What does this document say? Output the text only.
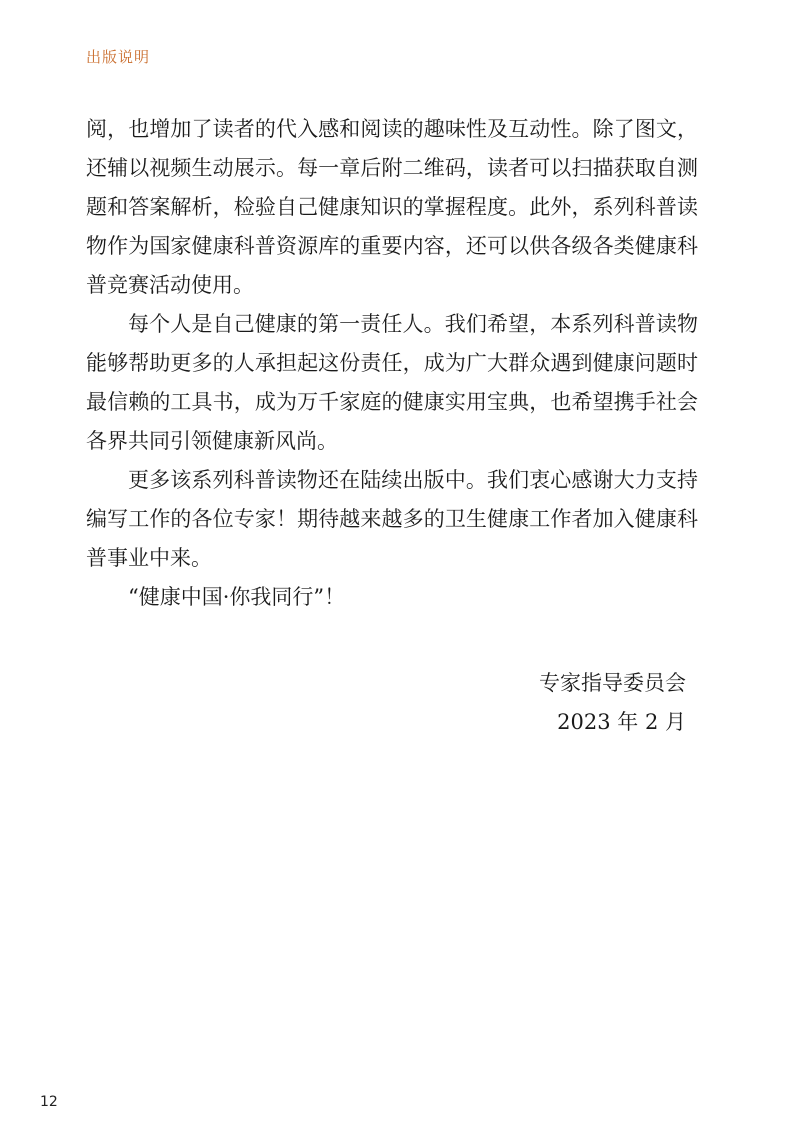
出版说明

阅，也增加了读者的代入感和阅读的趣味性及互动性。除了图文，
还辅以视频生动展示。每一章后附二维码，读者可以扫描获取自测
题和答案解析，检验自己健康知识的掌握程度。此外，系列科普读
物作为国家健康科普资源库的重要内容，还可以供各级各类健康科
普竞赛活动使用。

每个人是自己健康的第一责任人。我们希望，本系列科普读物
能够帮助更多的人承担起这份责任，成为广大群众遇到健康问题时
最信赖的工具书，成为万千家庭的健康实用宝典，也希望携手社会
各界共同引领健康新风尚。

更多该系列科普读物还在陆续出版中。我们衷心感谢大力支持
编写工作的各位专家！期待越来越多的卫生健康工作者加入健康科
普事业中来。

“健康中国·你我同行”！

专家指导委员会
2023 年 2 月
12
